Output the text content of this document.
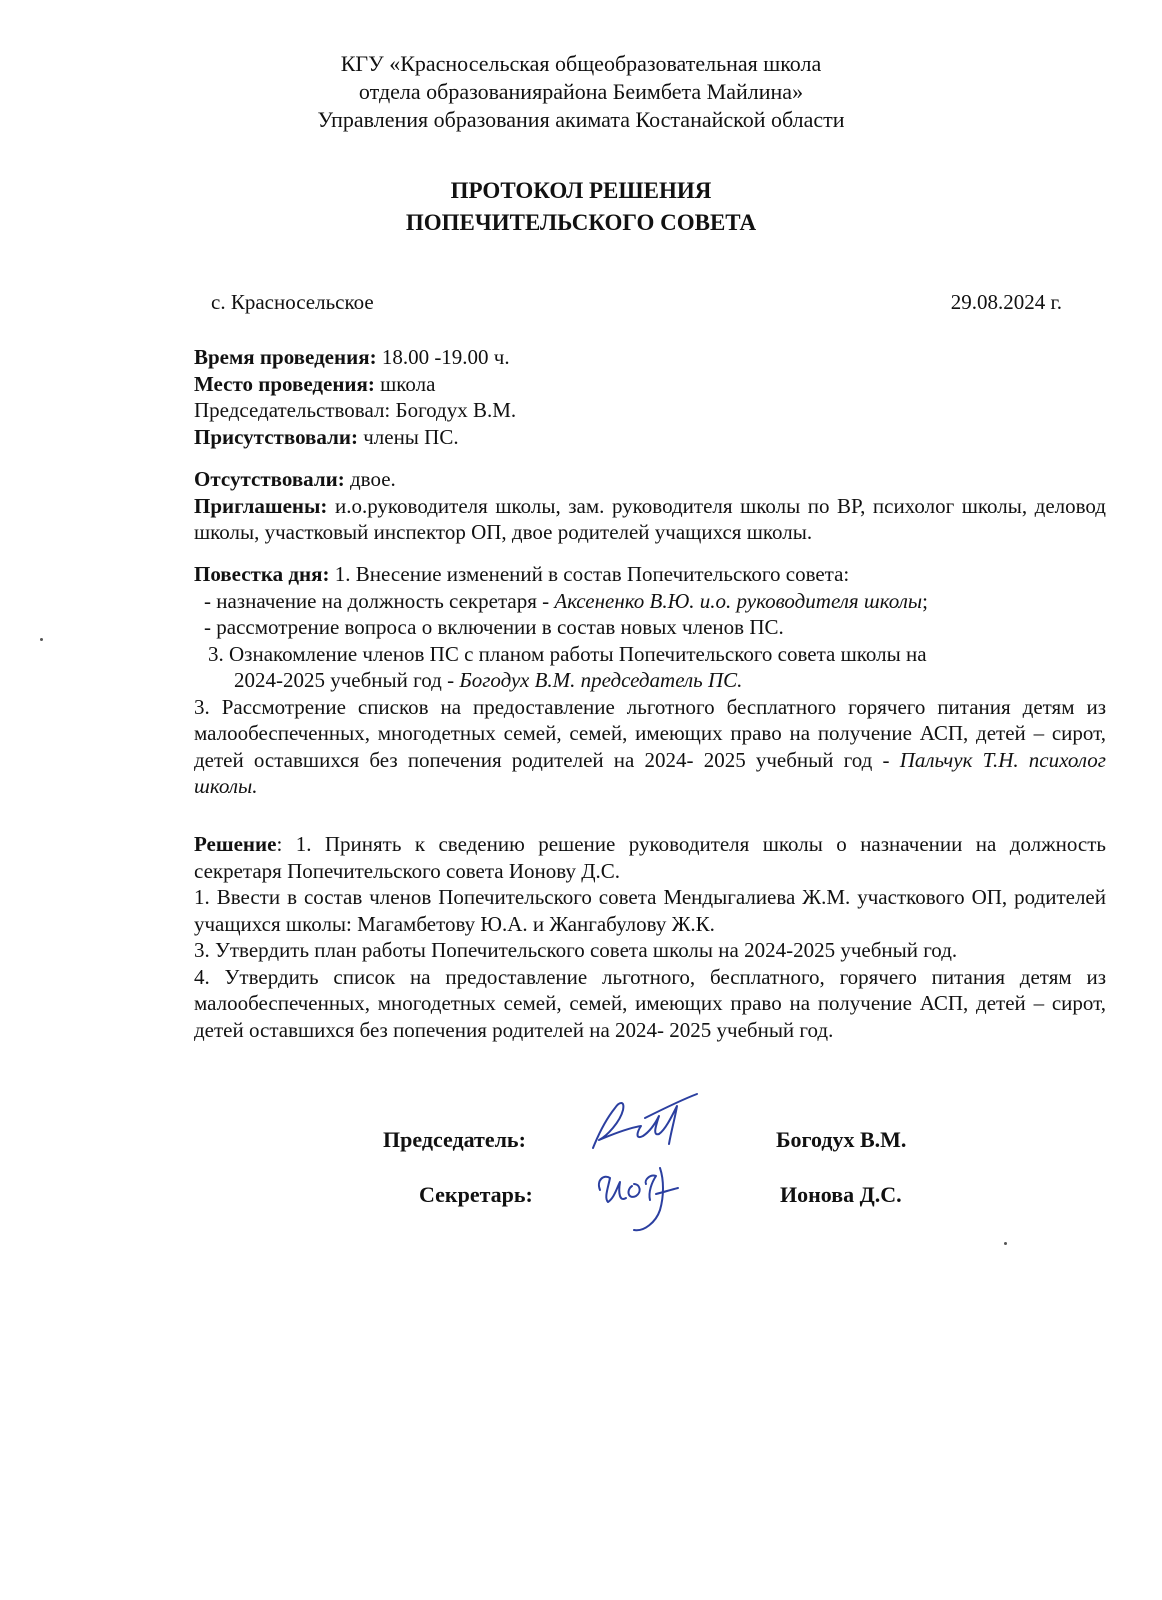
КГУ «Красносельская общеобразовательная школа
отдела образованиярайона Беимбета Майлина»
Управления образования акимата Костанайской области
ПРОТОКОЛ РЕШЕНИЯ
ПОПЕЧИТЕЛЬСКОГО СОВЕТА
с. Красносельское	29.08.2024 г.

Время проведения: 18.00 -19.00 ч.

Место проведения: школа

Председательствовал: Богодух В.М.

Присутствовали: члены ПС.

Отсутствовали: двое.

Приглашены: и.о.руководителя школы, зам. руководителя школы по ВР, психолог школы, деловод школы, участковый инспектор ОП, двое родителей учащихся школы.

Повестка дня: 1. Внесение изменений в состав Попечительского совета:

- назначение на должность секретаря - Аксененко В.Ю. и.о. руководителя школы;

- рассмотрение вопроса о включении в состав новых членов ПС.

3. Ознакомление членов ПС с планом работы Попечительского совета школы на

2024-2025 учебный год - Богодух В.М. председатель ПС.

3. Рассмотрение списков на предоставление льготного бесплатного горячего питания детям из малообеспеченных, многодетных семей, семей, имеющих право на получение АСП, детей – сирот, детей оставшихся без попечения родителей на 2024- 2025 учебный год - Пальчук Т.Н. психолог школы.

Решение: 1. Принять к сведению решение руководителя школы о назначении на должность секретаря Попечительского совета Ионову Д.С.

1. Ввести в состав членов Попечительского совета Мендыгалиева Ж.М. участкового ОП, родителей учащихся школы: Магамбетову Ю.А. и Жангабулову Ж.К.

3. Утвердить план работы Попечительского совета школы на 2024-2025 учебный год.

4. Утвердить список на предоставление льготного, бесплатного, горячего питания детям из малообеспеченных, многодетных семей, семей, имеющих право на получение АСП, детей – сирот, детей оставшихся без попечения родителей на 2024- 2025 учебный год.

Председатель:	Богодух В.М.
Секретарь:	Ионова Д.С.
